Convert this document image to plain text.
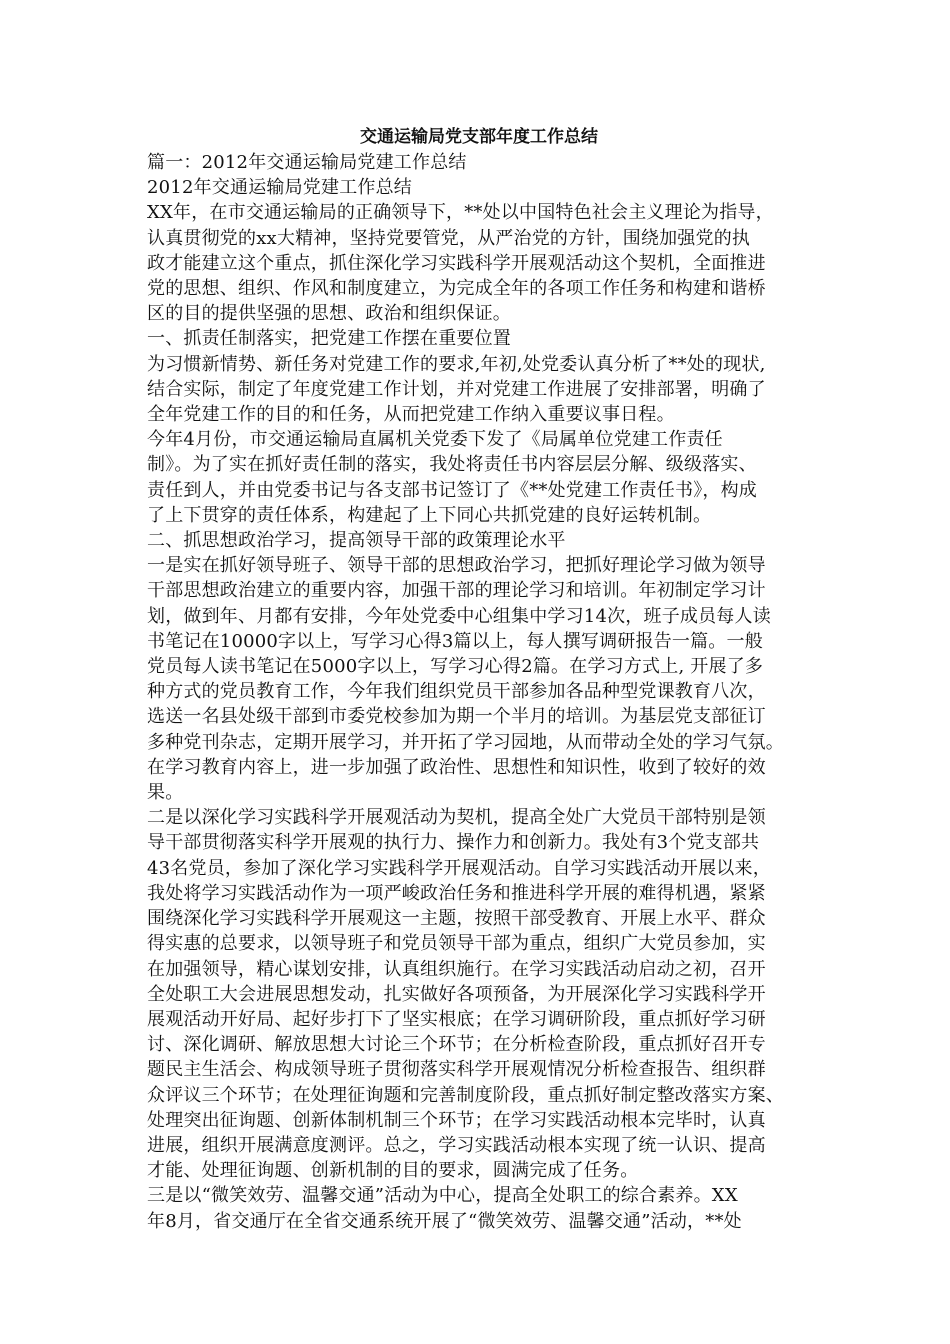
交通运输局党支部年度工作总结

篇一：2012年交通运输局党建工作总结

2012年交通运输局党建工作总结

XX年，在市交通运输局的正确领导下，**处以中国特色社会主义理论为指导，

认真贯彻党的xx大精神，坚持党要管党，从严治党的方针，围绕加强党的执

政才能建立这个重点，抓住深化学习实践科学开展观活动这个契机，全面推进

党的思想、组织、作风和制度建立，为完成全年的各项工作任务和构建和谐桥

区的目的提供坚强的思想、政治和组织保证。

一、抓责任制落实，把党建工作摆在重要位置

为习惯新情势、新任务对党建工作的要求,年初,处党委认真分析了**处的现状,

结合实际，制定了年度党建工作计划，并对党建工作进展了安排部署，明确了

全年党建工作的目的和任务，从而把党建工作纳入重要议事日程。

今年4月份，市交通运输局直属机关党委下发了《局属单位党建工作责任

制》。为了实在抓好责任制的落实，我处将责任书内容层层分解、级级落实、

责任到人，并由党委书记与各支部书记签订了《**处党建工作责任书》，构成

了上下贯穿的责任体系，构建起了上下同心共抓党建的良好运转机制。

二、抓思想政治学习，提高领导干部的政策理论水平

一是实在抓好领导班子、领导干部的思想政治学习，把抓好理论学习做为领导

干部思想政治建立的重要内容，加强干部的理论学习和培训。年初制定学习计

划，做到年、月都有安排，今年处党委中心组集中学习14次，班子成员每人读

书笔记在10000字以上，写学习心得3篇以上，每人撰写调研报告一篇。一般

党员每人读书笔记在5000字以上，写学习心得2篇。在学习方式上, 开展了多

种方式的党员教育工作，今年我们组织党员干部参加各品种型党课教育八次，

选送一名县处级干部到市委党校参加为期一个半月的培训。为基层党支部征订

多种党刊杂志，定期开展学习，并开拓了学习园地，从而带动全处的学习气氛。

在学习教育内容上，进一步加强了政治性、思想性和知识性，收到了较好的效

果。

二是以深化学习实践科学开展观活动为契机，提高全处广大党员干部特别是领

导干部贯彻落实科学开展观的执行力、操作力和创新力。我处有3个党支部共

43名党员，参加了深化学习实践科学开展观活动。自学习实践活动开展以来，

我处将学习实践活动作为一项严峻政治任务和推进科学开展的难得机遇，紧紧

围绕深化学习实践科学开展观这一主题，按照干部受教育、开展上水平、群众

得实惠的总要求，以领导班子和党员领导干部为重点，组织广大党员参加，实

在加强领导，精心谋划安排，认真组织施行。在学习实践活动启动之初，召开

全处职工大会进展思想发动，扎实做好各项预备，为开展深化学习实践科学开

展观活动开好局、起好步打下了坚实根底；在学习调研阶段，重点抓好学习研

讨、深化调研、解放思想大讨论三个环节；在分析检查阶段，重点抓好召开专

题民主生活会、构成领导班子贯彻落实科学开展观情况分析检查报告、组织群

众评议三个环节；在处理征询题和完善制度阶段，重点抓好制定整改落实方案、

处理突出征询题、创新体制机制三个环节；在学习实践活动根本完毕时，认真

进展，组织开展满意度测评。总之，学习实践活动根本实现了统一认识、提高

才能、处理征询题、创新机制的目的要求，圆满完成了任务。

三是以“微笑效劳、温馨交通”活动为中心，提高全处职工的综合素养。XX

年8月，省交通厅在全省交通系统开展了“微笑效劳、温馨交通”活动，**处
